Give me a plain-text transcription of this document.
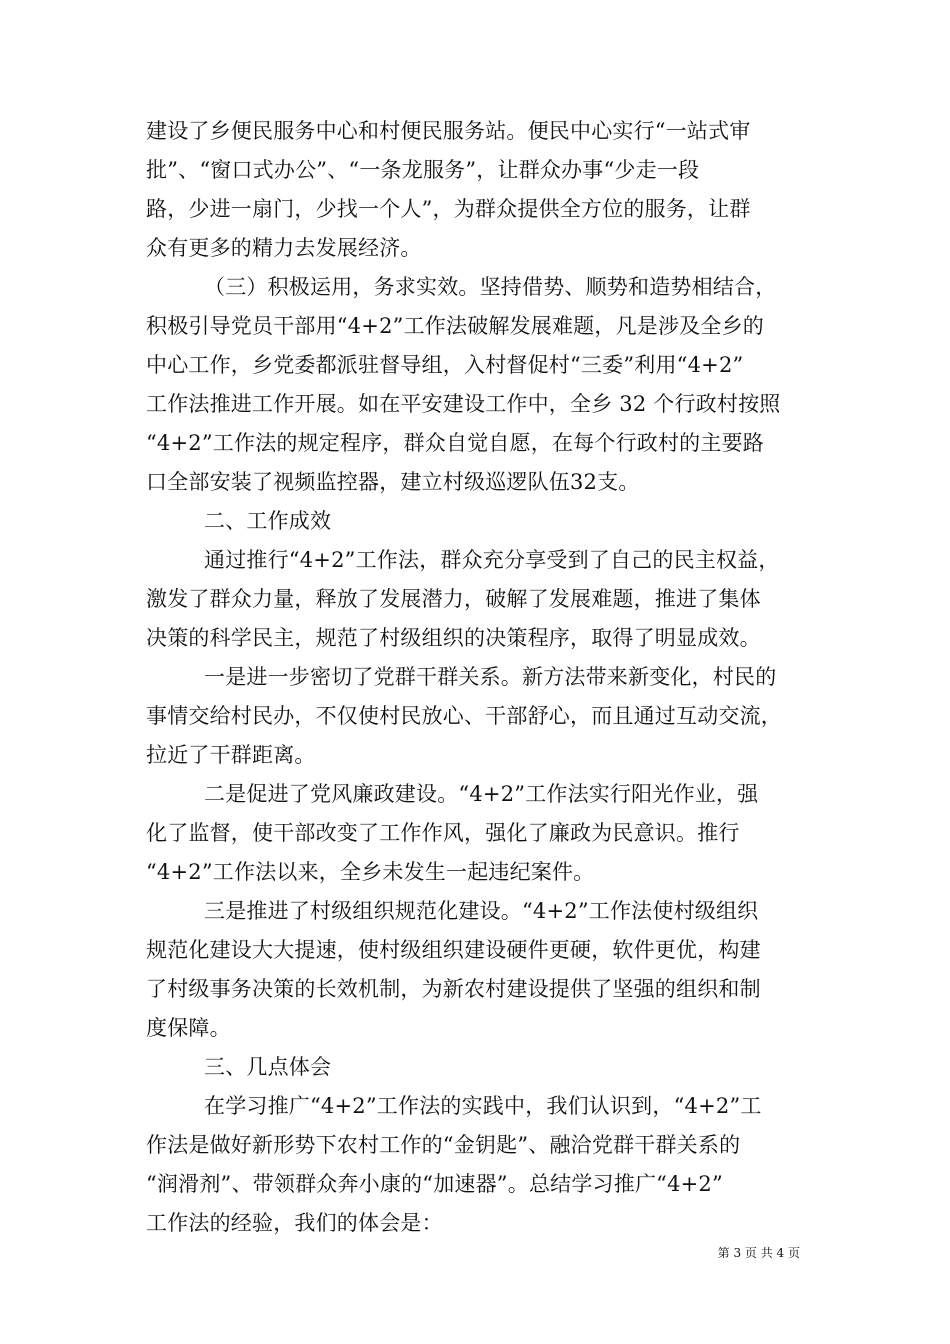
建设了乡便民服务中心和村便民服务站。便民中心实行“一站式审
批”、“窗口式办公”、“一条龙服务”，让群众办事“少走一段
路，少进一扇门，少找一个人”，为群众提供全方位的服务，让群
众有更多的精力去发展经济。
（三）积极运用，务求实效。坚持借势、顺势和造势相结合，
积极引导党员干部用“4+2”工作法破解发展难题，凡是涉及全乡的
中心工作，乡党委都派驻督导组，入村督促村“三委”利用“4+2”
工作法推进工作开展。如在平安建设工作中，全乡 32 个行政村按照
“4+2”工作法的规定程序，群众自觉自愿，在每个行政村的主要路
口全部安装了视频监控器，建立村级巡逻队伍32支。
二、工作成效
通过推行“4+2”工作法，群众充分享受到了自己的民主权益，
激发了群众力量，释放了发展潜力，破解了发展难题，推进了集体
决策的科学民主，规范了村级组织的决策程序，取得了明显成效。
一是进一步密切了党群干群关系。新方法带来新变化，村民的
事情交给村民办，不仅使村民放心、干部舒心，而且通过互动交流，
拉近了干群距离。
二是促进了党风廉政建设。“4+2”工作法实行阳光作业，强
化了监督，使干部改变了工作作风，强化了廉政为民意识。推行
“4+2”工作法以来，全乡未发生一起违纪案件。
三是推进了村级组织规范化建设。“4+2”工作法使村级组织
规范化建设大大提速，使村级组织建设硬件更硬，软件更优，构建
了村级事务决策的长效机制，为新农村建设提供了坚强的组织和制
度保障。
三、几点体会
在学习推广“4+2”工作法的实践中，我们认识到，“4+2”工
作法是做好新形势下农村工作的“金钥匙”、融洽党群干群关系的
“润滑剂”、带领群众奔小康的“加速器”。总结学习推广“4+2”
工作法的经验，我们的体会是：
第 3 页 共 4 页
